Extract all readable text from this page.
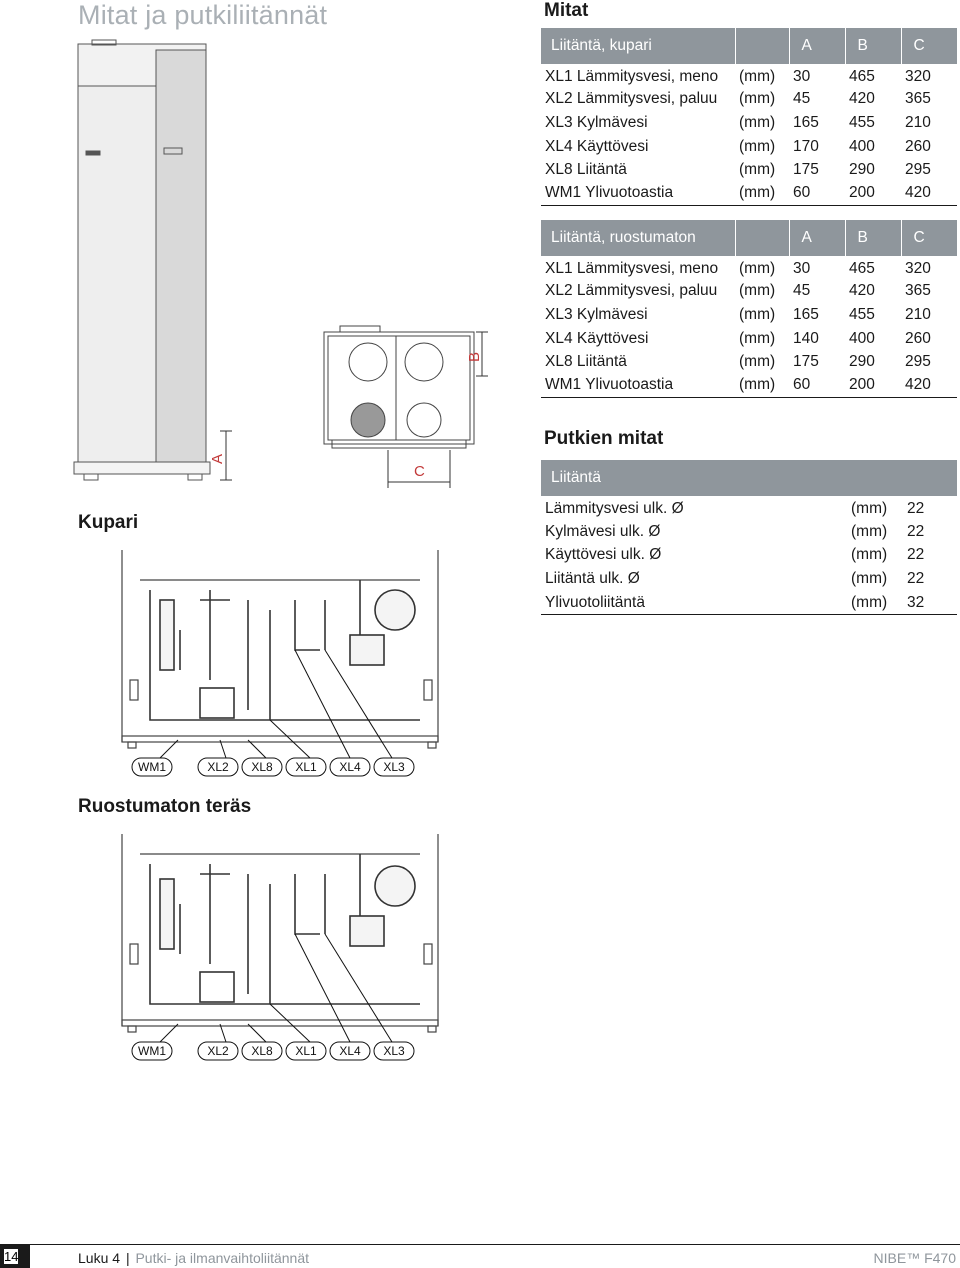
Mitat ja putkiliitännät	Mitat
Liitäntä, kupari		A	B	C
XL1 Lämmitysvesi, meno	(mm)	30	465	320
XL2 Lämmitysvesi, paluu	(mm)	45	420	365
XL3 Kylmävesi	(mm)	165	455	210
XL4 Käyttövesi	(mm)	170	400	260
XL8 Liitäntä	(mm)	175	290	295
WM1 Ylivuotoastia	(mm)	60	200	420
Liitäntä, ruostumaton		A	B	C
XL1 Lämmitysvesi, meno	(mm)	30	465	320
XL2 Lämmitysvesi, paluu	(mm)	45	420	365
XL3 Kylmävesi	(mm)	165	455	210
XL4 Käyttövesi	(mm)	140	400	260
XL8 Liitäntä	(mm)	175	290	295
WM1 Ylivuotoastia	(mm)	60	200	420
Putkien mitat
Liitäntä		
Lämmitysvesi ulk. Ø	(mm)	22
Kylmävesi ulk. Ø	(mm)	22
Käyttövesi ulk. Ø	(mm)	22
Liitäntä ulk. Ø	(mm)	22
Ylivuotoliitäntä	(mm)	32
A
B
C
Kupari
WM1	XL2 XL8 XL1 XL4 XL3
Ruostumaton teräs
WM1	XL2 XL8 XL1 XL4 XL3
14	Luku 4 | Putki- ja ilmanvaihtoliitännät	NIBE™ F470
